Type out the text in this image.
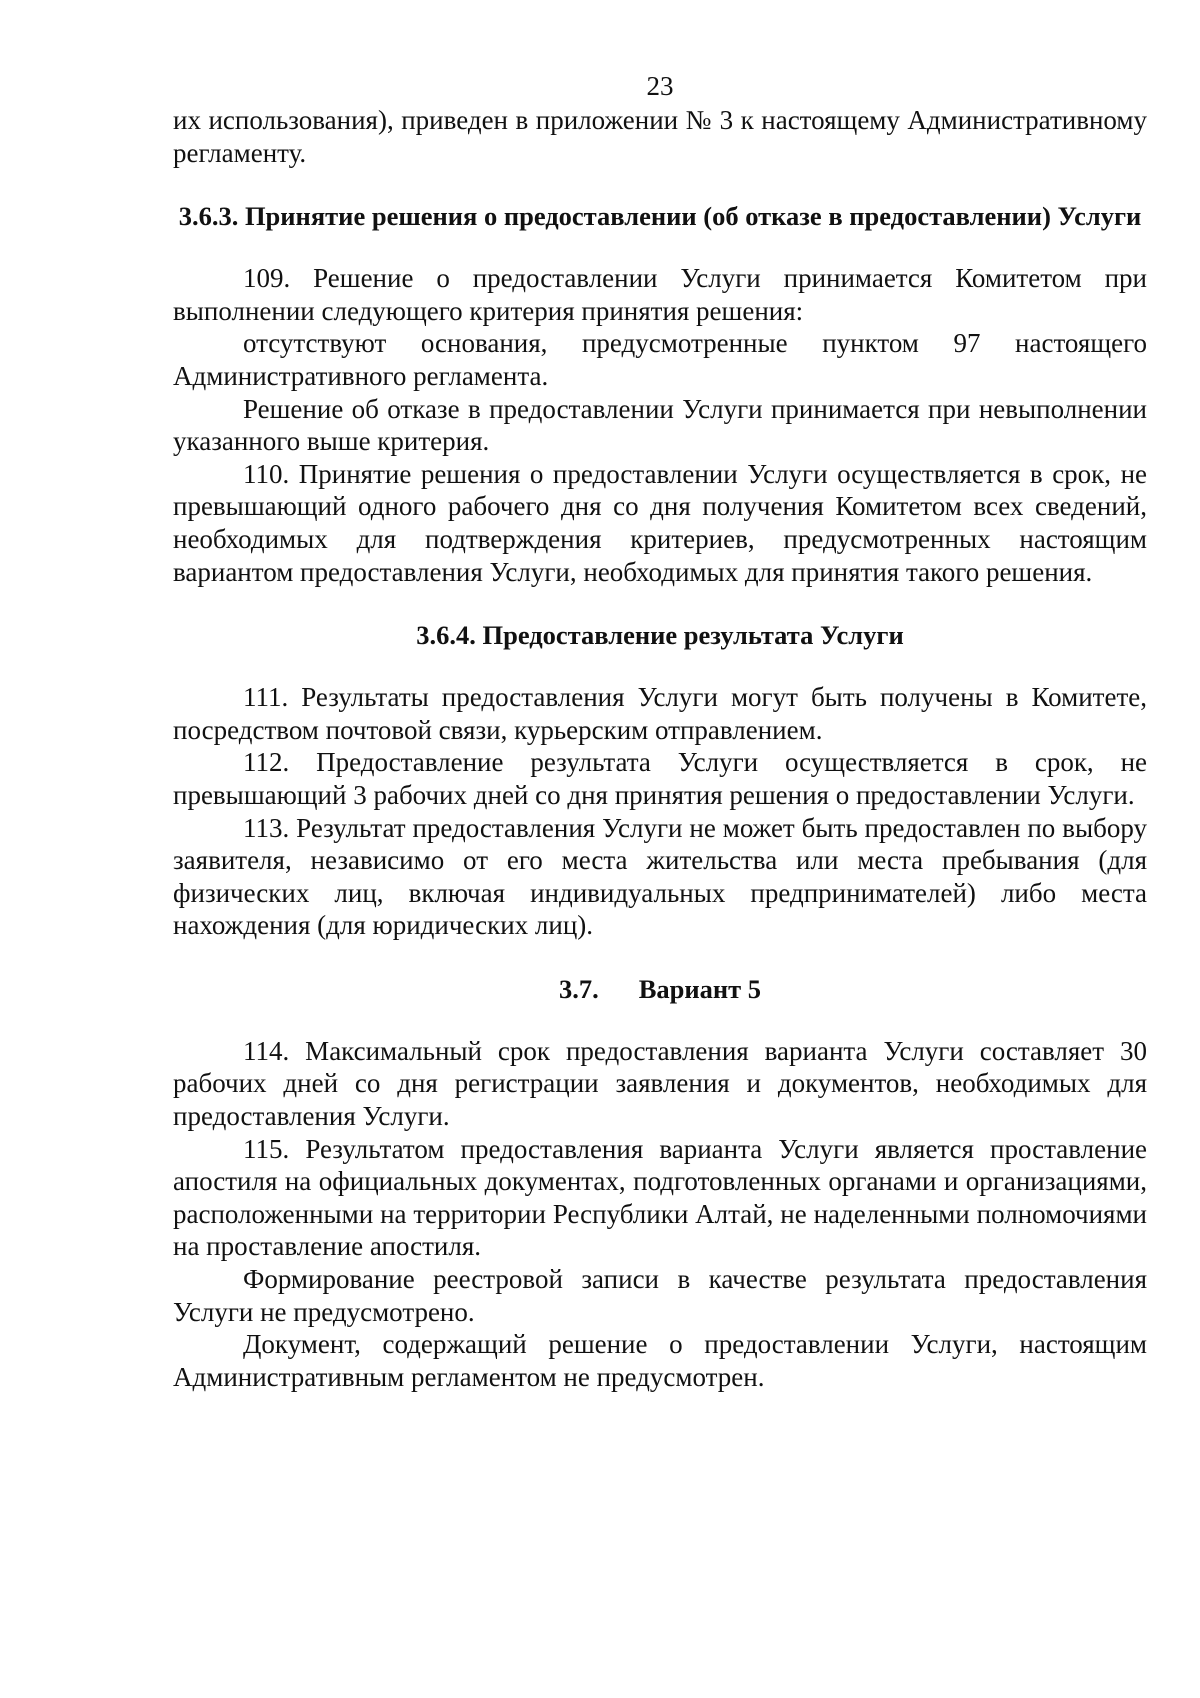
23

их использования), приведен в приложении № 3 к настоящему Административному регламенту.

3.6.3. Принятие решения о предоставлении (об отказе в предоставлении) Услуги

109. Решение о предоставлении Услуги принимается Комитетом при выполнении следующего критерия принятия решения:

отсутствуют основания, предусмотренные пунктом 97 настоящего Административного регламента.

Решение об отказе в предоставлении Услуги принимается при невыполнении указанного выше критерия.

110. Принятие решения о предоставлении Услуги осуществляется в срок, не превышающий одного рабочего дня со дня получения Комитетом всех сведений, необходимых для подтверждения критериев, предусмотренных настоящим вариантом предоставления Услуги, необходимых для принятия такого решения.

3.6.4. Предоставление результата Услуги

111. Результаты предоставления Услуги могут быть получены в Комитете, посредством почтовой связи, курьерским отправлением.

112. Предоставление результата Услуги осуществляется в срок, не превышающий 3 рабочих дней со дня принятия решения о предоставлении Услуги.

113. Результат предоставления Услуги не может быть предоставлен по выбору заявителя, независимо от его места жительства или места пребывания (для физических лиц, включая индивидуальных предпринимателей) либо места нахождения (для юридических лиц).

3.7. Вариант 5

114. Максимальный срок предоставления варианта Услуги составляет 30 рабочих дней со дня регистрации заявления и документов, необходимых для предоставления Услуги.

115. Результатом предоставления варианта Услуги является проставление апостиля на официальных документах, подготовленных органами и организациями, расположенными на территории Республики Алтай, не наделенными полномочиями на проставление апостиля.

Формирование реестровой записи в качестве результата предоставления Услуги не предусмотрено.

Документ, содержащий решение о предоставлении Услуги, настоящим Административным регламентом не предусмотрен.
